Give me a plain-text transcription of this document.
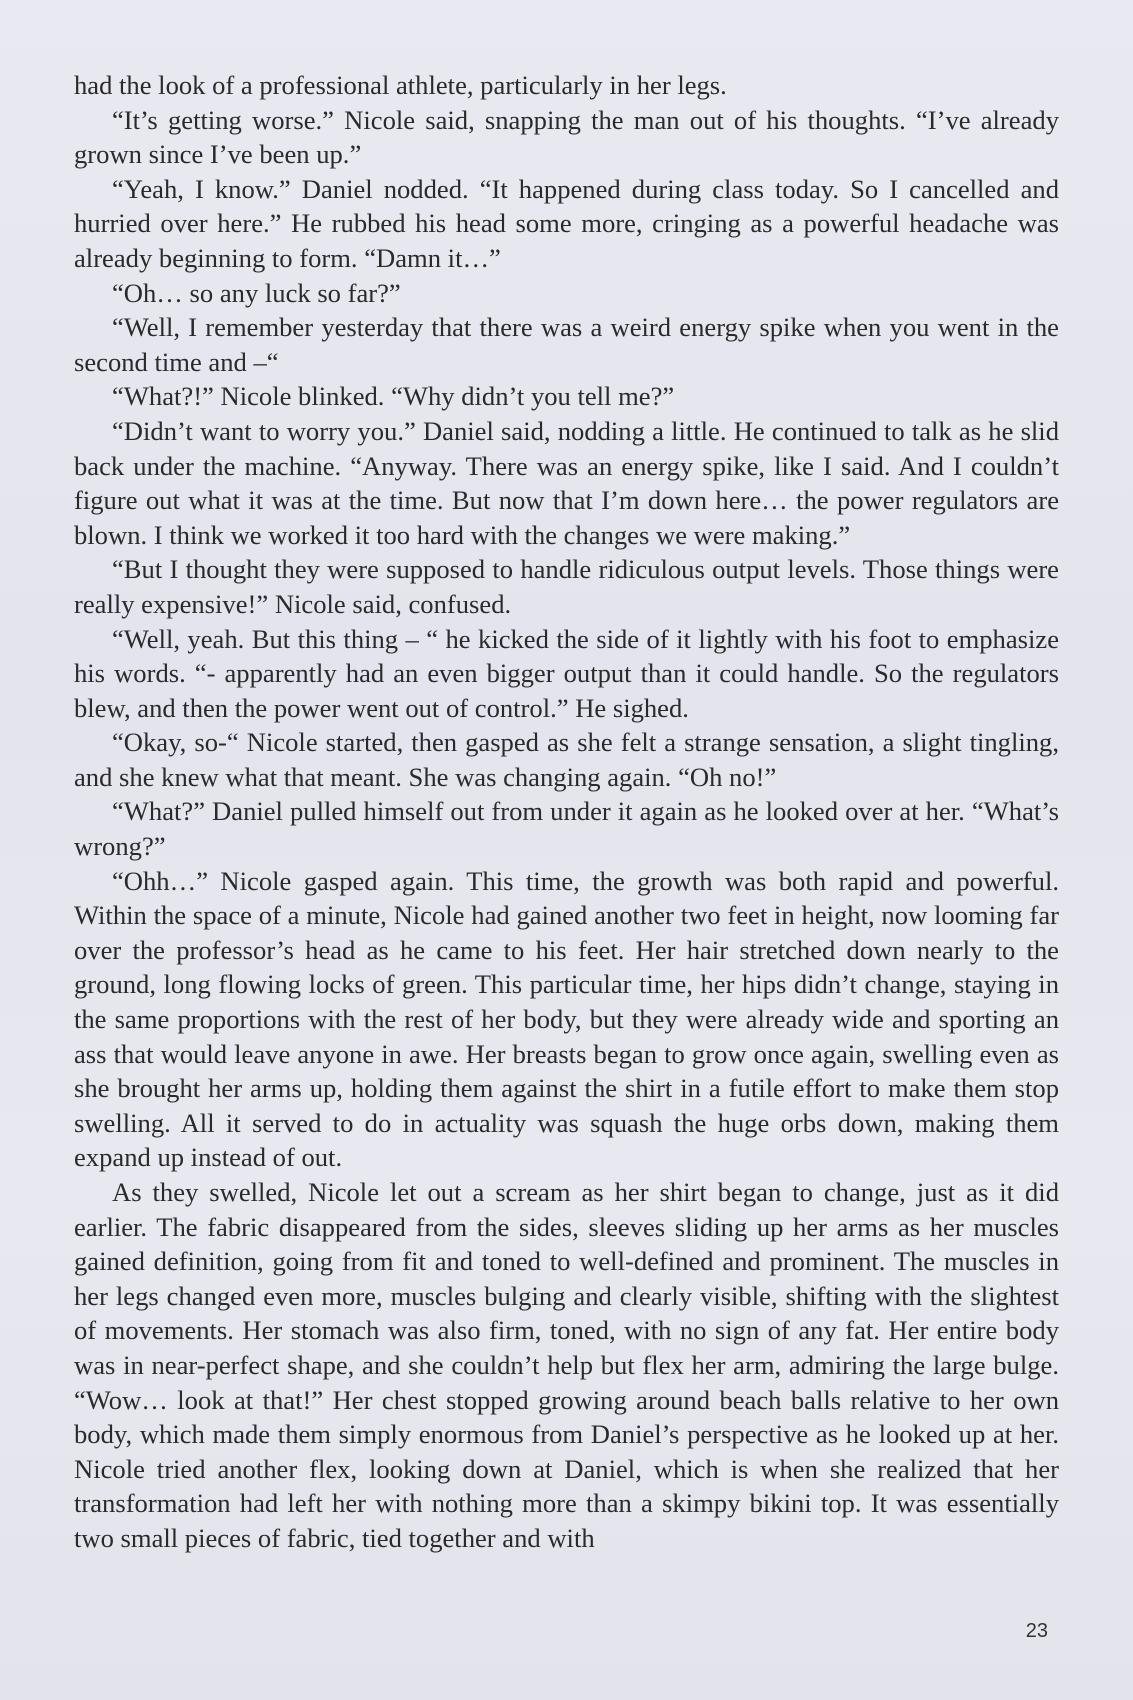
had the look of a professional athlete, particularly in her legs.

“It’s getting worse.” Nicole said, snapping the man out of his thoughts. “I’ve already grown since I’ve been up.”

“Yeah, I know.” Daniel nodded. “It happened during class today. So I cancelled and hurried over here.” He rubbed his head some more, cringing as a powerful headache was already beginning to form. “Damn it…”

“Oh… so any luck so far?”

“Well, I remember yesterday that there was a weird energy spike when you went in the second time and –“

“What?!” Nicole blinked. “Why didn’t you tell me?”

“Didn’t want to worry you.” Daniel said, nodding a little. He continued to talk as he slid back under the machine. “Anyway. There was an energy spike, like I said. And I couldn’t figure out what it was at the time. But now that I’m down here… the power regulators are blown. I think we worked it too hard with the changes we were making.”

“But I thought they were supposed to handle ridiculous output levels. Those things were really expensive!” Nicole said, confused.

“Well, yeah. But this thing – “ he kicked the side of it lightly with his foot to emphasize his words. “- apparently had an even bigger output than it could handle. So the regulators blew, and then the power went out of control.” He sighed.

“Okay, so-“ Nicole started, then gasped as she felt a strange sensation, a slight tingling, and she knew what that meant. She was changing again. “Oh no!”

“What?” Daniel pulled himself out from under it again as he looked over at her. “What’s wrong?”

“Ohh…” Nicole gasped again. This time, the growth was both rapid and powerful. Within the space of a minute, Nicole had gained another two feet in height, now looming far over the professor’s head as he came to his feet. Her hair stretched down nearly to the ground, long flowing locks of green. This particular time, her hips didn’t change, staying in the same proportions with the rest of her body, but they were already wide and sporting an ass that would leave anyone in awe. Her breasts began to grow once again, swelling even as she brought her arms up, holding them against the shirt in a futile effort to make them stop swelling. All it served to do in actuality was squash the huge orbs down, making them expand up instead of out.

As they swelled, Nicole let out a scream as her shirt began to change, just as it did earlier. The fabric disappeared from the sides, sleeves sliding up her arms as her muscles gained definition, going from fit and toned to well-defined and prominent. The muscles in her legs changed even more, muscles bulging and clearly visible, shifting with the slightest of movements. Her stomach was also firm, toned, with no sign of any fat. Her entire body was in near-perfect shape, and she couldn’t help but flex her arm, admiring the large bulge. “Wow… look at that!” Her chest stopped growing around beach balls relative to her own body, which made them simply enormous from Daniel’s perspective as he looked up at her. Nicole tried another flex, looking down at Daniel, which is when she realized that her transformation had left her with nothing more than a skimpy bikini top. It was essentially two small pieces of fabric, tied together and with

23
